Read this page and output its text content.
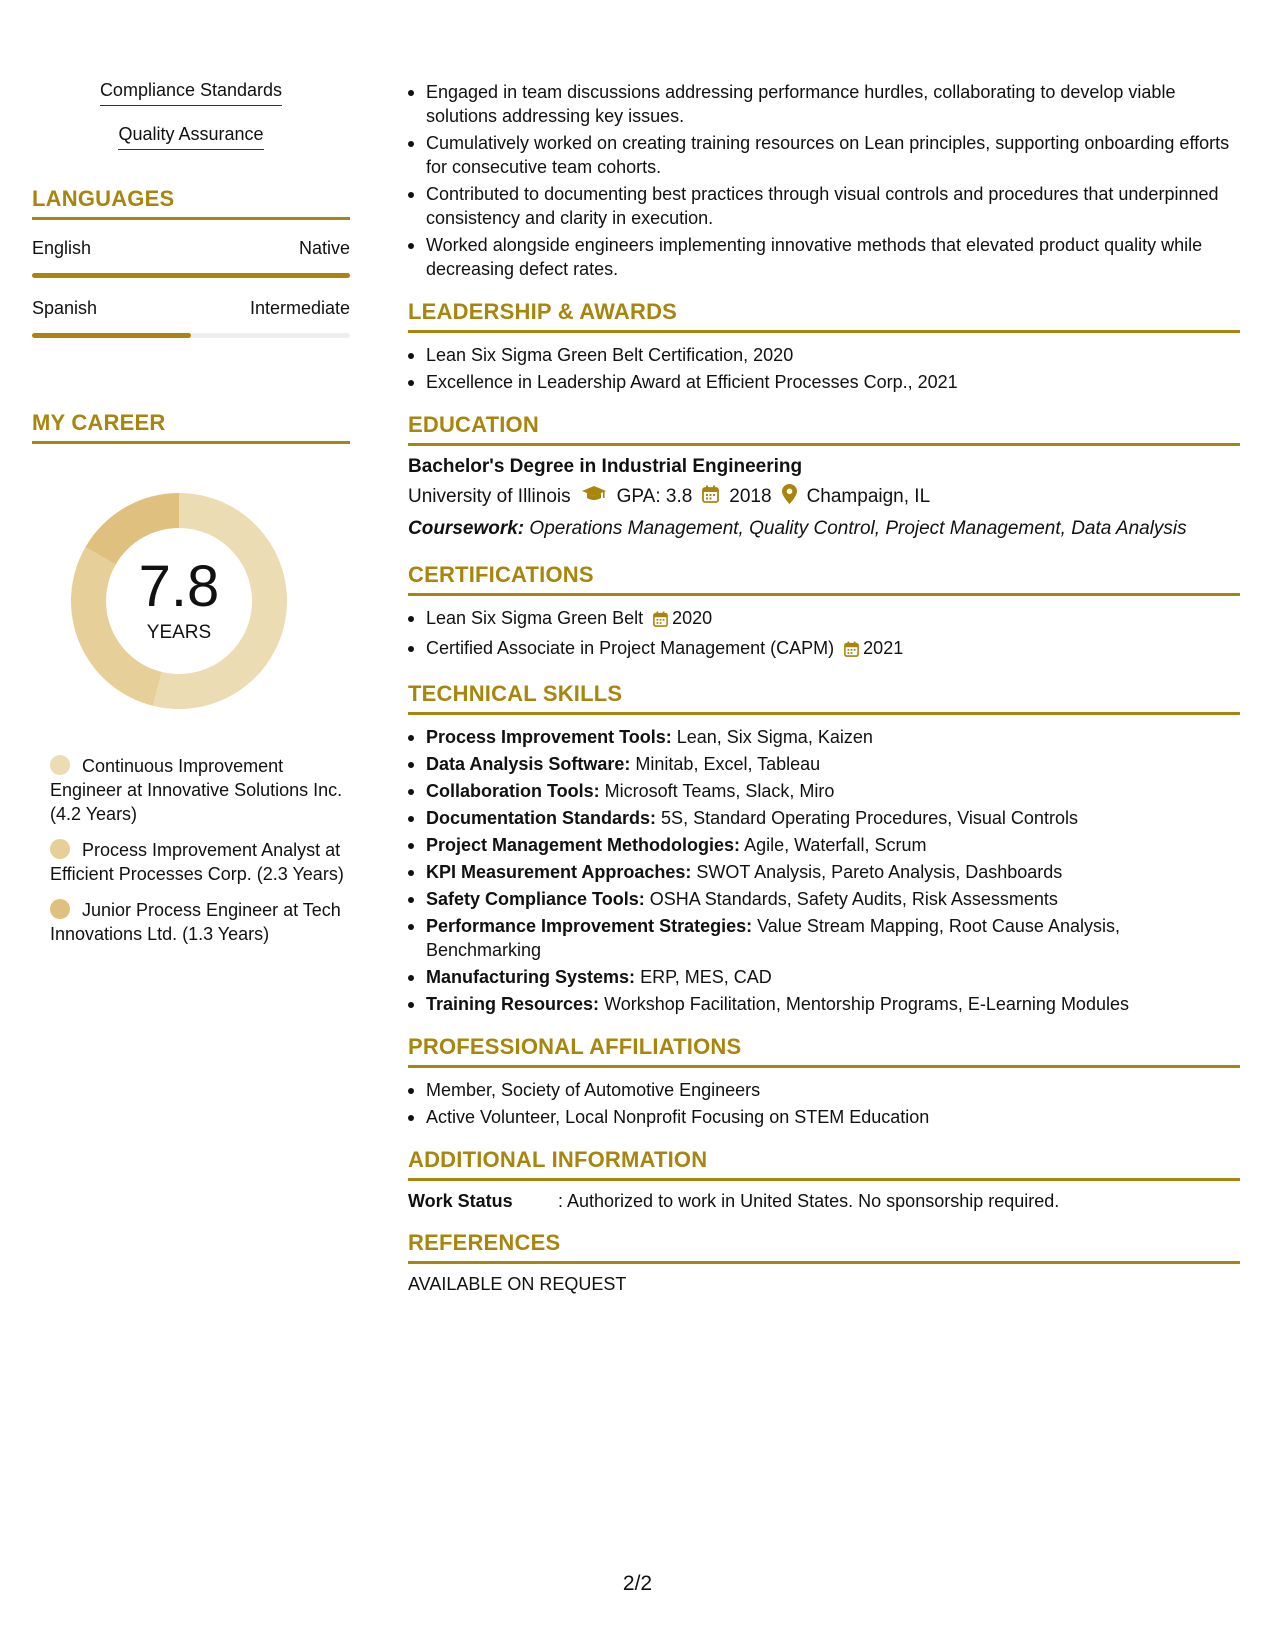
Compliance Standards
Quality Assurance
LANGUAGES
English	Native
Spanish	Intermediate
MY CAREER
7.8
YEARS
Continuous Improvement Engineer at Innovative Solutions Inc. (4.2 Years)
Process Improvement Analyst at Efficient Processes Corp. (2.3 Years)
Junior Process Engineer at Tech Innovations Ltd. (1.3 Years)
Engaged in team discussions addressing performance hurdles, collaborating to develop viable solutions addressing key issues.
Cumulatively worked on creating training resources on Lean principles, supporting onboarding efforts for consecutive team cohorts.
Contributed to documenting best practices through visual controls and procedures that underpinned consistency and clarity in execution.
Worked alongside engineers implementing innovative methods that elevated product quality while decreasing defect rates.
LEADERSHIP & AWARDS
Lean Six Sigma Green Belt Certification, 2020
Excellence in Leadership Award at Efficient Processes Corp., 2021
EDUCATION
Bachelor's Degree in Industrial Engineering
University of Illinois GPA: 3.8 2018 Champaign, IL
Coursework: Operations Management, Quality Control, Project Management, Data Analysis
CERTIFICATIONS
Lean Six Sigma Green Belt 2020
Certified Associate in Project Management (CAPM) 2021
TECHNICAL SKILLS
Process Improvement Tools: Lean, Six Sigma, Kaizen
Data Analysis Software: Minitab, Excel, Tableau
Collaboration Tools: Microsoft Teams, Slack, Miro
Documentation Standards: 5S, Standard Operating Procedures, Visual Controls
Project Management Methodologies: Agile, Waterfall, Scrum
KPI Measurement Approaches: SWOT Analysis, Pareto Analysis, Dashboards
Safety Compliance Tools: OSHA Standards, Safety Audits, Risk Assessments
Performance Improvement Strategies: Value Stream Mapping, Root Cause Analysis, Benchmarking
Manufacturing Systems: ERP, MES, CAD
Training Resources: Workshop Facilitation, Mentorship Programs, E-Learning Modules
PROFESSIONAL AFFILIATIONS
Member, Society of Automotive Engineers
Active Volunteer, Local Nonprofit Focusing on STEM Education
ADDITIONAL INFORMATION
Work Status	: Authorized to work in United States. No sponsorship required.
REFERENCES
AVAILABLE ON REQUEST
2/2
